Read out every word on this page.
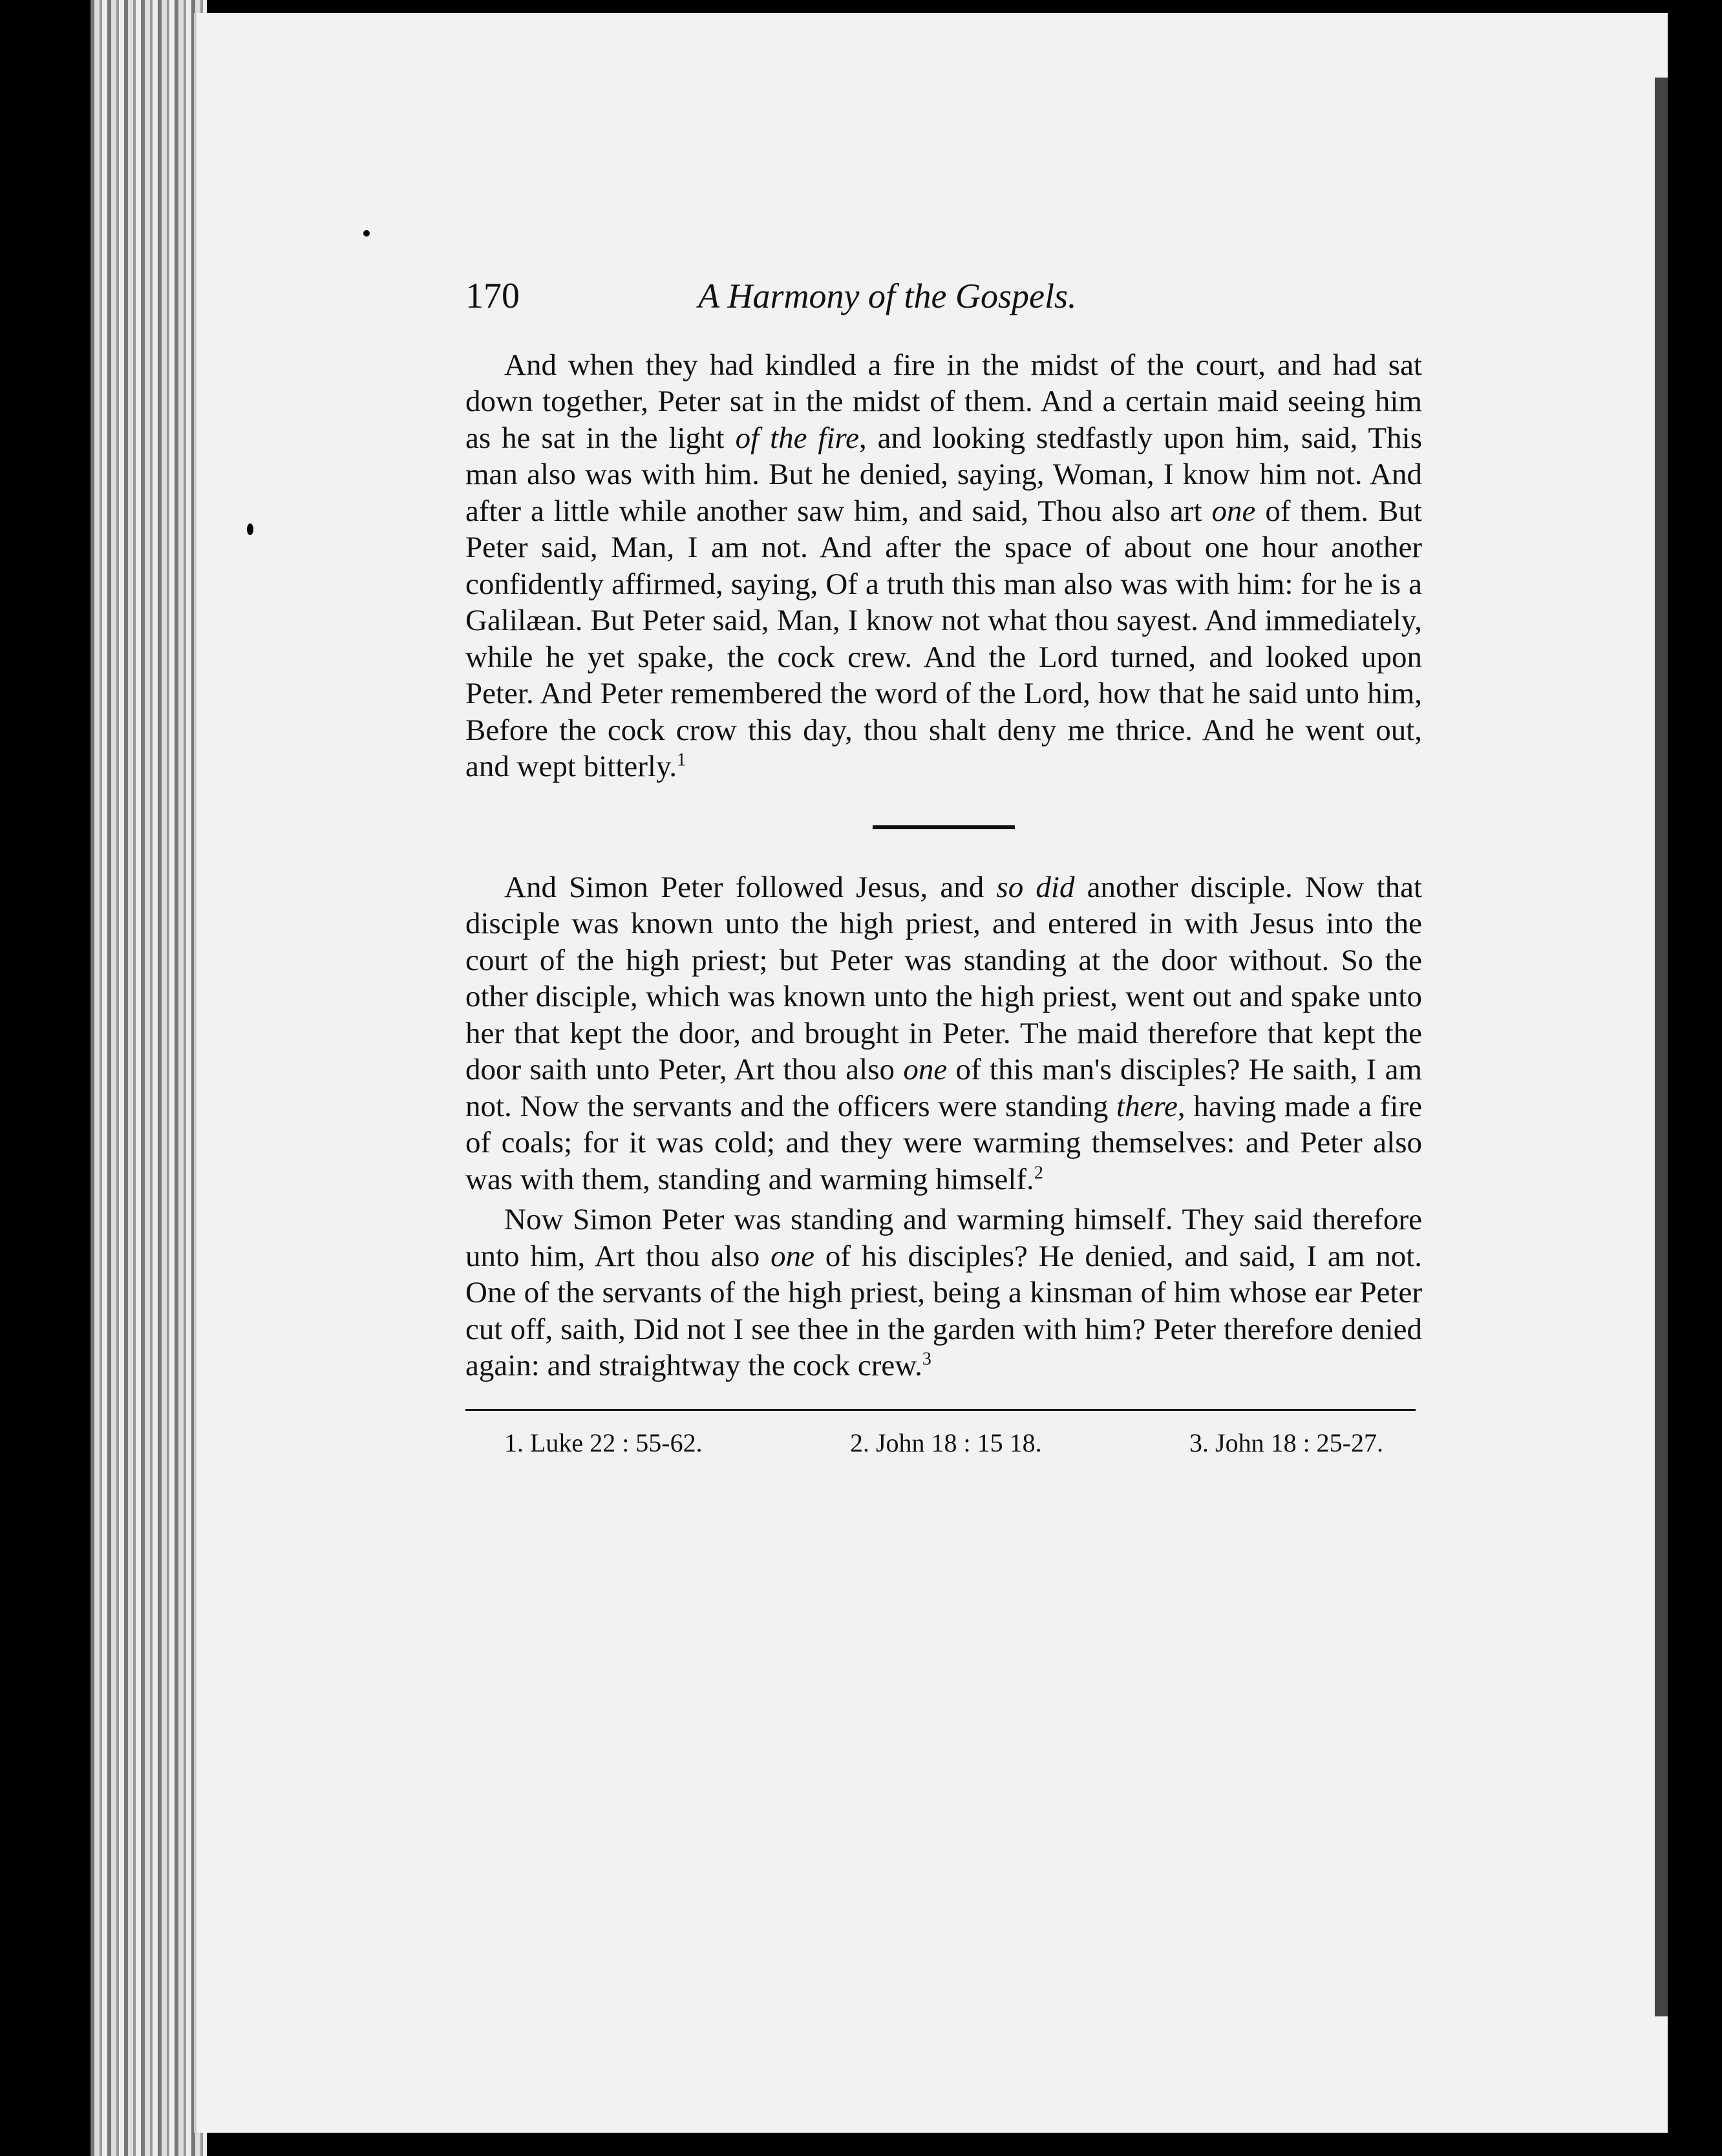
170	A Harmony of the Gospels.

And when they had kindled a fire in the midst of the court, and had sat down together, Peter sat in the midst of them. And a certain maid seeing him as he sat in the light of the fire, and looking stedfastly upon him, said, This man also was with him. But he denied, saying, Woman, I know him not. And after a little while another saw him, and said, Thou also art one of them. But Peter said, Man, I am not. And after the space of about one hour another confidently affirmed, saying, Of a truth this man also was with him: for he is a Galilæan. But Peter said, Man, I know not what thou sayest. And immediately, while he yet spake, the cock crew. And the Lord turned, and looked upon Peter. And Peter remembered the word of the Lord, how that he said unto him, Before the cock crow this day, thou shalt deny me thrice. And he went out, and wept bitterly.$^1$

And Simon Peter followed Jesus, and so did another disciple. Now that disciple was known unto the high priest, and entered in with Jesus into the court of the high priest; but Peter was standing at the door without. So the other disciple, which was known unto the high priest, went out and spake unto her that kept the door, and brought in Peter. The maid therefore that kept the door saith unto Peter, Art thou also one of this man's disciples? He saith, I am not. Now the servants and the officers were standing there, having made a fire of coals; for it was cold; and they were warming themselves: and Peter also was with them, standing and warming himself.$^2$

Now Simon Peter was standing and warming himself. They said therefore unto him, Art thou also one of his disciples? He denied, and said, I am not. One of the servants of the high priest, being a kinsman of him whose ear Peter cut off, saith, Did not I see thee in the garden with him? Peter therefore denied again: and straightway the cock crew.$^3$

1. Luke 22 : 55-62.	2. John 18 : 15 18.	3. John 18 : 25-27.
